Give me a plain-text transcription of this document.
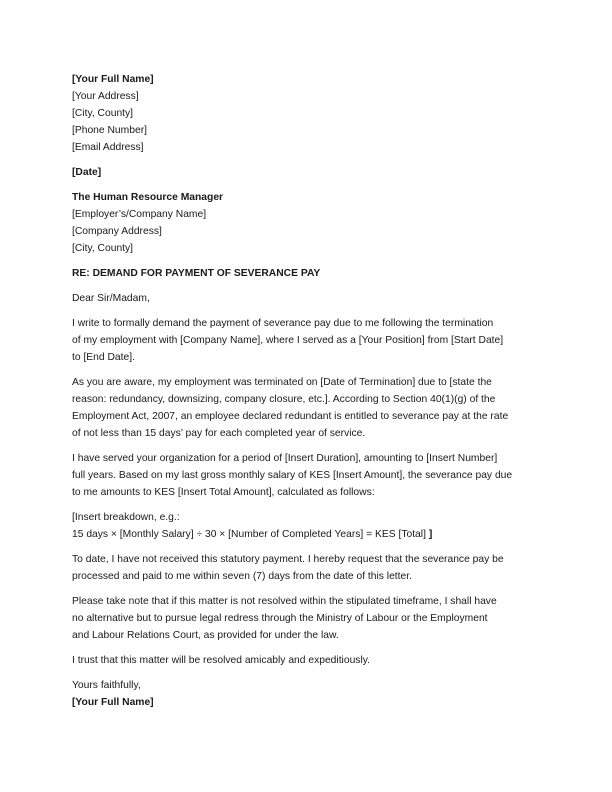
[Your Full Name]
[Your Address]
[City, County]
[Phone Number]
[Email Address]

[Date]

The Human Resource Manager
[Employer’s/Company Name]
[Company Address]
[City, County]

RE: DEMAND FOR PAYMENT OF SEVERANCE PAY

Dear Sir/Madam,

I write to formally demand the payment of severance pay due to me following the termination
of my employment with [Company Name], where I served as a [Your Position] from [Start Date]
to [End Date].

As you are aware, my employment was terminated on [Date of Termination] due to [state the
reason: redundancy, downsizing, company closure, etc.]. According to Section 40(1)(g) of the
Employment Act, 2007, an employee declared redundant is entitled to severance pay at the rate
of not less than 15 days’ pay for each completed year of service.

I have served your organization for a period of [Insert Duration], amounting to [Insert Number]
full years. Based on my last gross monthly salary of KES [Insert Amount], the severance pay due
to me amounts to KES [Insert Total Amount], calculated as follows:

[Insert breakdown, e.g.:
15 days × [Monthly Salary] ÷ 30 × [Number of Completed Years] = KES [Total] ]

To date, I have not received this statutory payment. I hereby request that the severance pay be
processed and paid to me within seven (7) days from the date of this letter.

Please take note that if this matter is not resolved within the stipulated timeframe, I shall have
no alternative but to pursue legal redress through the Ministry of Labour or the Employment
and Labour Relations Court, as provided for under the law.

I trust that this matter will be resolved amicably and expeditiously.

Yours faithfully,
[Your Full Name]
